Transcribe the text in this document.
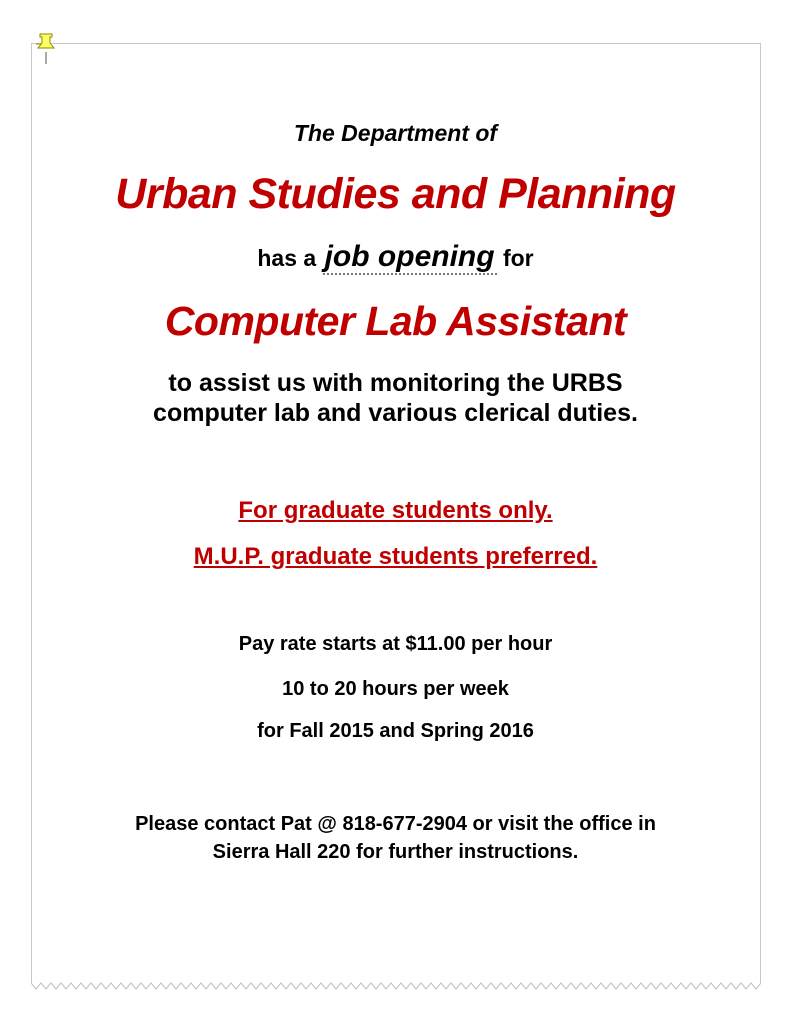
The Department of
Urban Studies and Planning
has a job opening for
Computer Lab Assistant
to assist us with monitoring the URBS
computer lab and various clerical duties.
For graduate students only.
M.U.P. graduate students preferred.
Pay rate starts at $11.00 per hour
10 to 20 hours per week
for Fall 2015 and Spring 2016
Please contact Pat @ 818-677-2904 or visit the office in
Sierra Hall 220 for further instructions.
